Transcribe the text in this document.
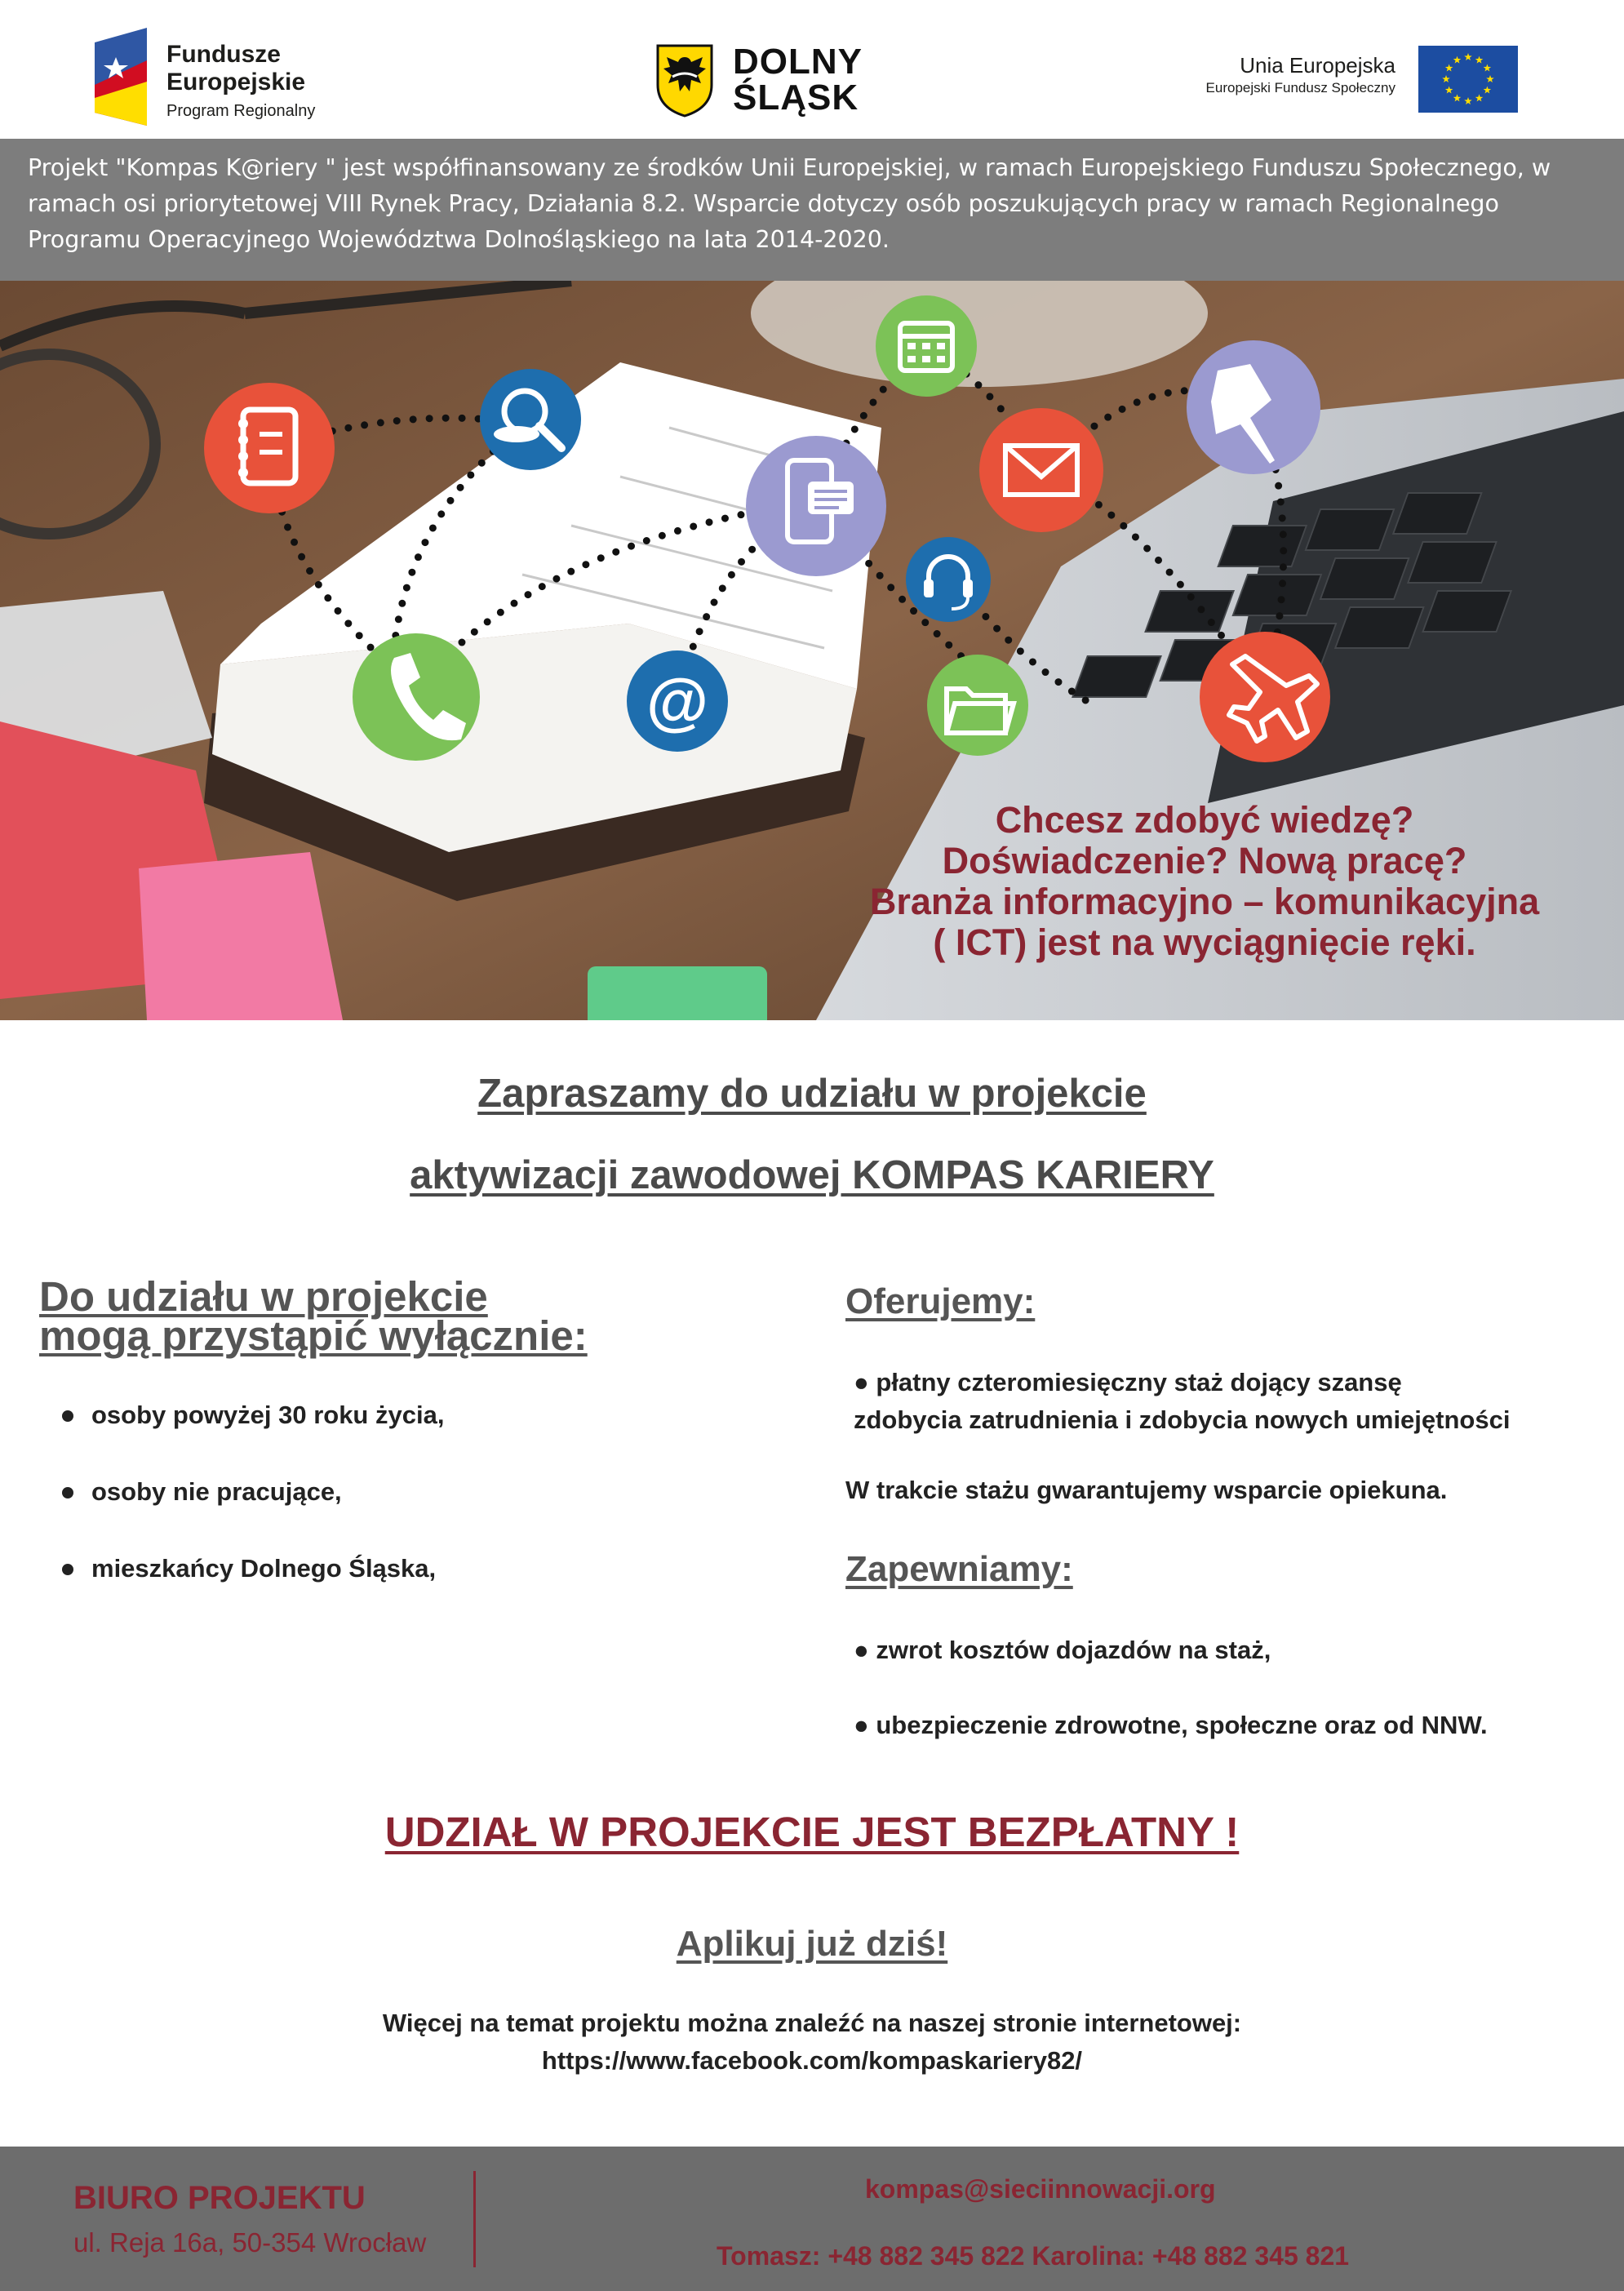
Fundusze
Europejskie
Program Regionalny
DOLNY
ŚLĄSK
Unia Europejska
Europejski Fundusz Społeczny

Projekt "Kompas K@riery " jest współfinansowany ze środków Unii Europejskiej, w ramach Europejskiego Funduszu Społecznego, w ramach osi priorytetowej VIII Rynek Pracy, Działania 8.2. Wsparcie dotyczy osób poszukujących pracy w ramach Regionalnego Programu Operacyjnego Województwa Dolnośląskiego na lata 2014-2020.

@
Chcesz zdobyć wiedzę?
Doświadczenie? Nową pracę?
Branża informacyjno – komunikacyjna
( ICT) jest na wyciągnięcie ręki.
Zapraszamy do udziału w projekcie
aktywizacji zawodowej KOMPAS KARIERY
Do udziału w projekcie
mogą przystąpić wyłącznie:
osoby powyżej 30 roku życia,
osoby nie pracujące,
mieszkańcy Dolnego Śląska,
Oferujemy:
● płatny czteromiesięczny staż dojący szansę
zdobycia zatrudnienia i zdobycia nowych umiejętności
W trakcie stażu gwarantujemy wsparcie opiekuna.
Zapewniamy:
● zwrot kosztów dojazdów na staż,
● ubezpieczenie zdrowotne, społeczne oraz od NNW.
UDZIAŁ W PROJEKCIE JEST BEZPŁATNY !
Aplikuj już dziś!
Więcej na temat projektu można znaleźć na naszej stronie internetowej:
https://www.facebook.com/kompaskariery82/
BIURO PROJEKTU
ul. Reja 16a, 50-354 Wrocław
kompas@sieciinnowacji.org
Tomasz: +48 882 345 822 Karolina: +48 882 345 821
